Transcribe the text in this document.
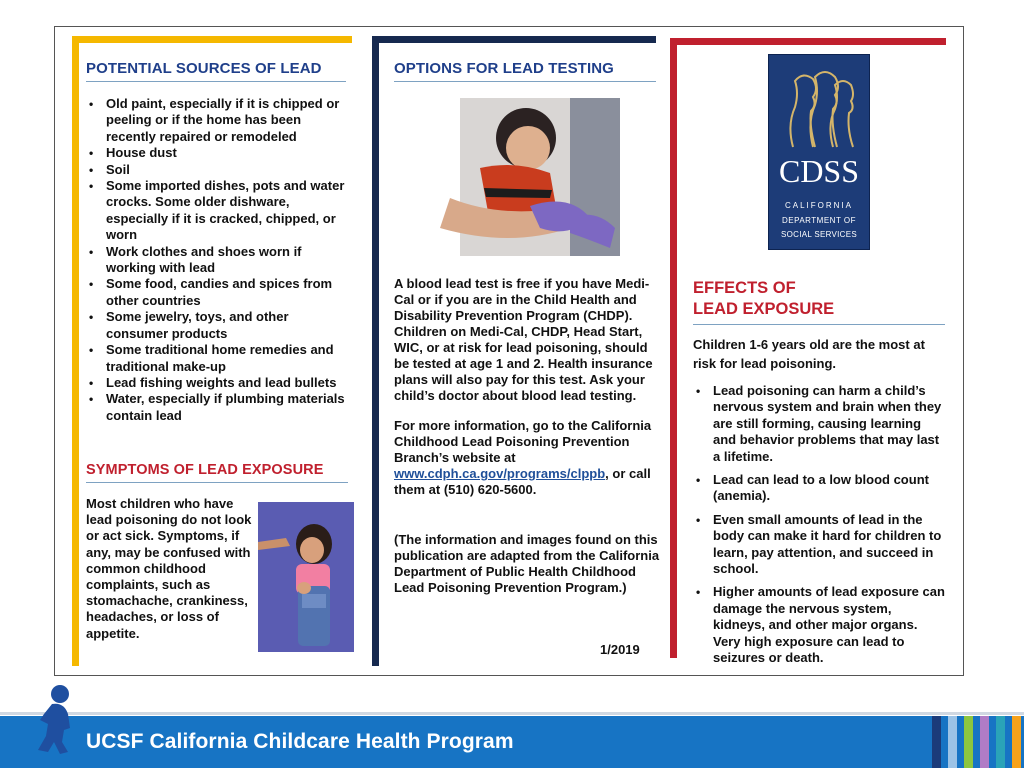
POTENTIAL SOURCES OF LEAD
• Old paint, especially if it is chipped or peeling or if the home has been recently repaired or remodeled
• House dust
• Soil
• Some imported dishes, pots and water crocks. Some older dishware, especially if it is cracked, chipped, or worn
• Work clothes and shoes worn if working with lead
• Some food, candies and spices from other countries
• Some jewelry, toys, and other consumer products
• Some traditional home remedies and traditional make-up
• Lead fishing weights and lead bullets
• Water, especially if plumbing materials contain lead
SYMPTOMS OF LEAD EXPOSURE

Most children who have lead poisoning do not look or act sick. Symptoms, if any, may be confused with common childhood complaints, such as stomachache, crankiness, headaches, or loss of appetite.

OPTIONS FOR LEAD TESTING

A blood lead test is free if you have Medi-Cal or if you are in the Child Health and Disability Prevention Program (CHDP). Children on Medi-Cal, CHDP, Head Start, WIC, or at risk for lead poisoning, should be tested at age 1 and 2. Health insurance plans will also pay for this test. Ask your child’s doctor about blood lead testing.

For more information, go to the California Childhood Lead Poisoning Prevention Branch’s website at www.cdph.ca.gov/programs/clppb, or call them at (510) 620-5600.

(The information and images found on this publication are adapted from the California Department of Public Health Childhood Lead Poisoning Prevention Program.)

1/2019
CDSS
CALIFORNIA
DEPARTMENT OF
SOCIAL SERVICES
EFFECTS OF
LEAD EXPOSURE

Children 1-6 years old are the most at risk for lead poisoning.

• Lead poisoning can harm a child’s nervous system and brain when they are still forming, causing learning and behavior problems that may last a lifetime.
• Lead can lead to a low blood count (anemia).
• Even small amounts of lead in the body can make it hard for children to learn, pay attention, and succeed in school.
• Higher amounts of lead exposure can damage the nervous system, kidneys, and other major organs. Very high exposure can lead to seizures or death.
UCSF California Childcare Health Program
